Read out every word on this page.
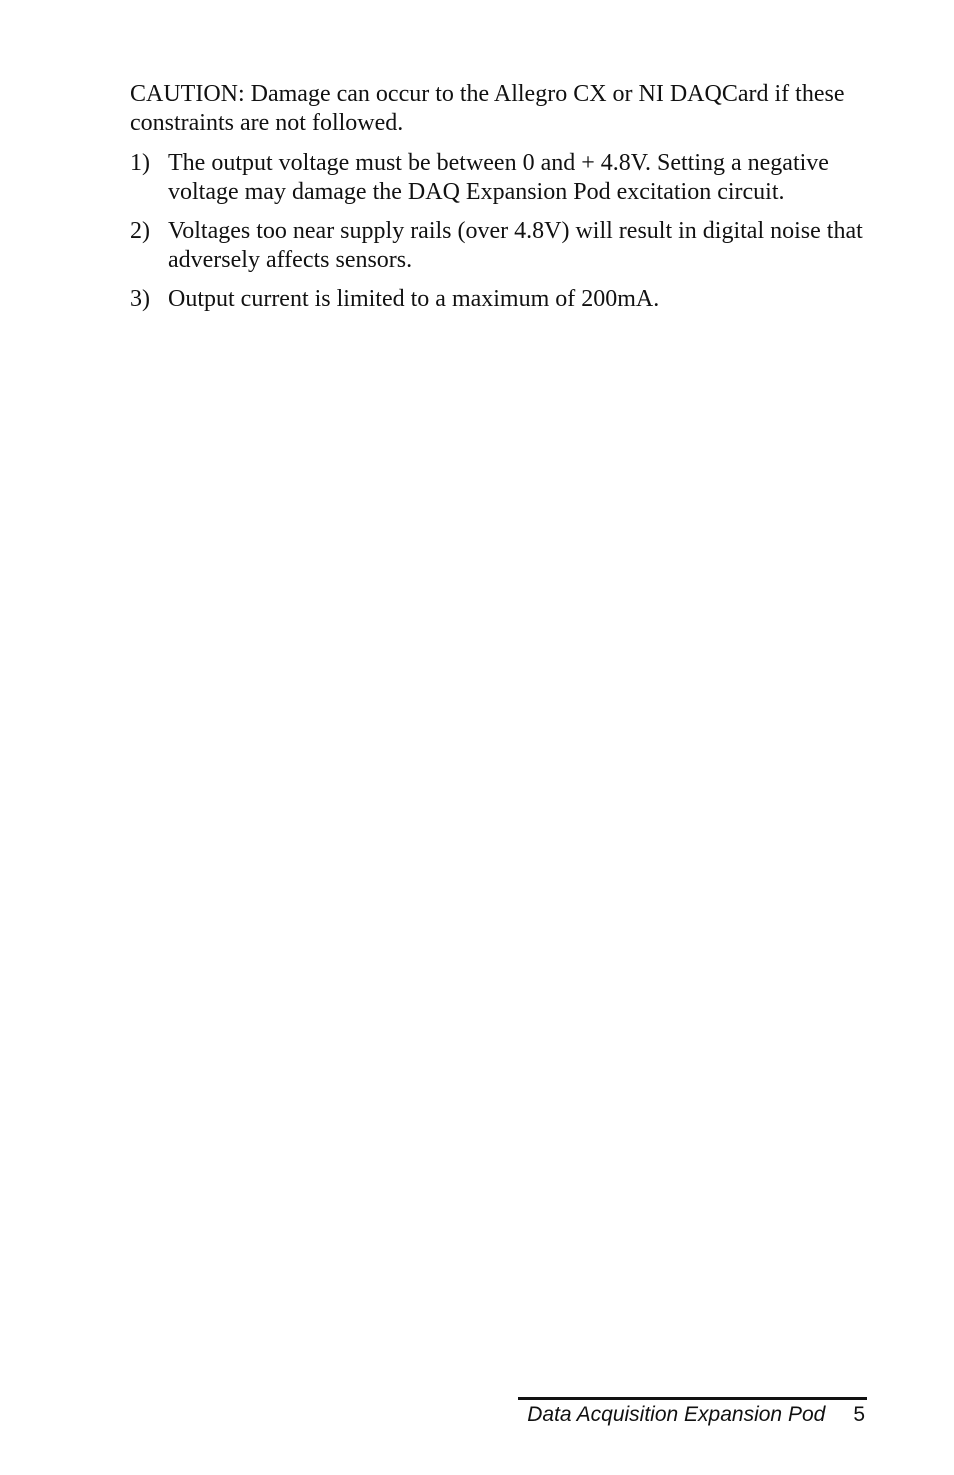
CAUTION: Damage can occur to the Allegro CX or NI DAQCard if these constraints are not followed.

1) The output voltage must be between 0 and + 4.8V. Setting a negative voltage may damage the DAQ Expansion Pod excitation circuit.
2) Voltages too near supply rails (over 4.8V) will result in digital noise that adversely affects sensors.
3) Output current is limited to a maximum of 200mA.
Data Acquisition Expansion Pod 5
